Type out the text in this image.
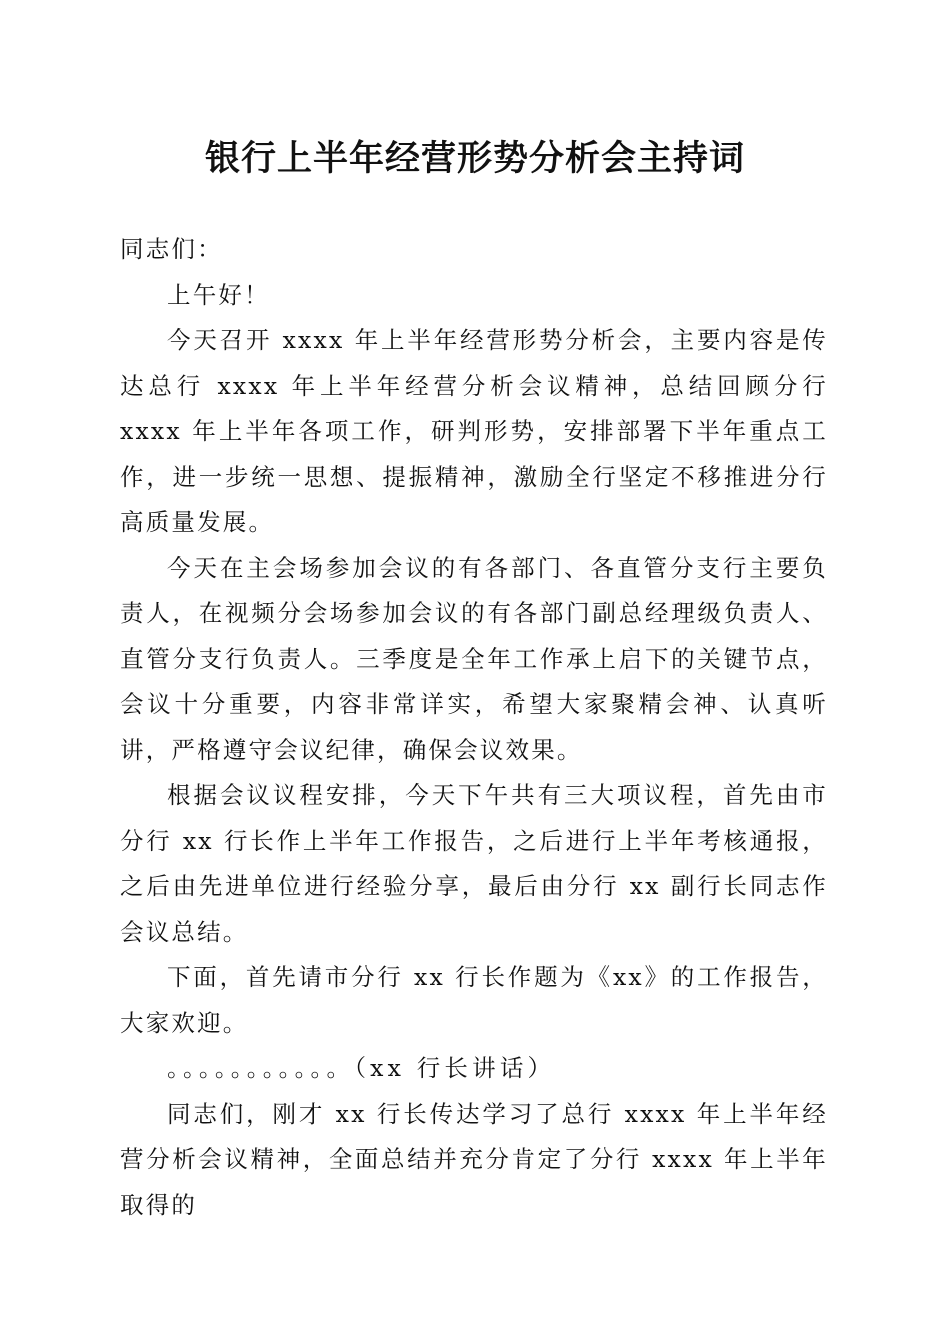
银行上半年经营形势分析会主持词

同志们：

上午好！

今天召开 xxxx 年上半年经营形势分析会，主要内容是传达总行 xxxx 年上半年经营分析会议精神，总结回顾分行 xxxx 年上半年各项工作，研判形势，安排部署下半年重点工作，进一步统一思想、提振精神，激励全行坚定不移推进分行高质量发展。

今天在主会场参加会议的有各部门、各直管分支行主要负责人，在视频分会场参加会议的有各部门副总经理级负责人、直管分支行负责人。三季度是全年工作承上启下的关键节点，会议十分重要，内容非常详实，希望大家聚精会神、认真听讲，严格遵守会议纪律，确保会议效果。

根据会议议程安排，今天下午共有三大项议程，首先由市分行 xx 行长作上半年工作报告，之后进行上半年考核通报，之后由先进单位进行经验分享，最后由分行 xx 副行长同志作会议总结。

下面，首先请市分行 xx 行长作题为《xx》的工作报告，大家欢迎。

。。。。。。。。。。。（xx 行长讲话）

同志们，刚才 xx 行长传达学习了总行 xxxx 年上半年经营分析会议精神，全面总结并充分肯定了分行 xxxx 年上半年取得的
